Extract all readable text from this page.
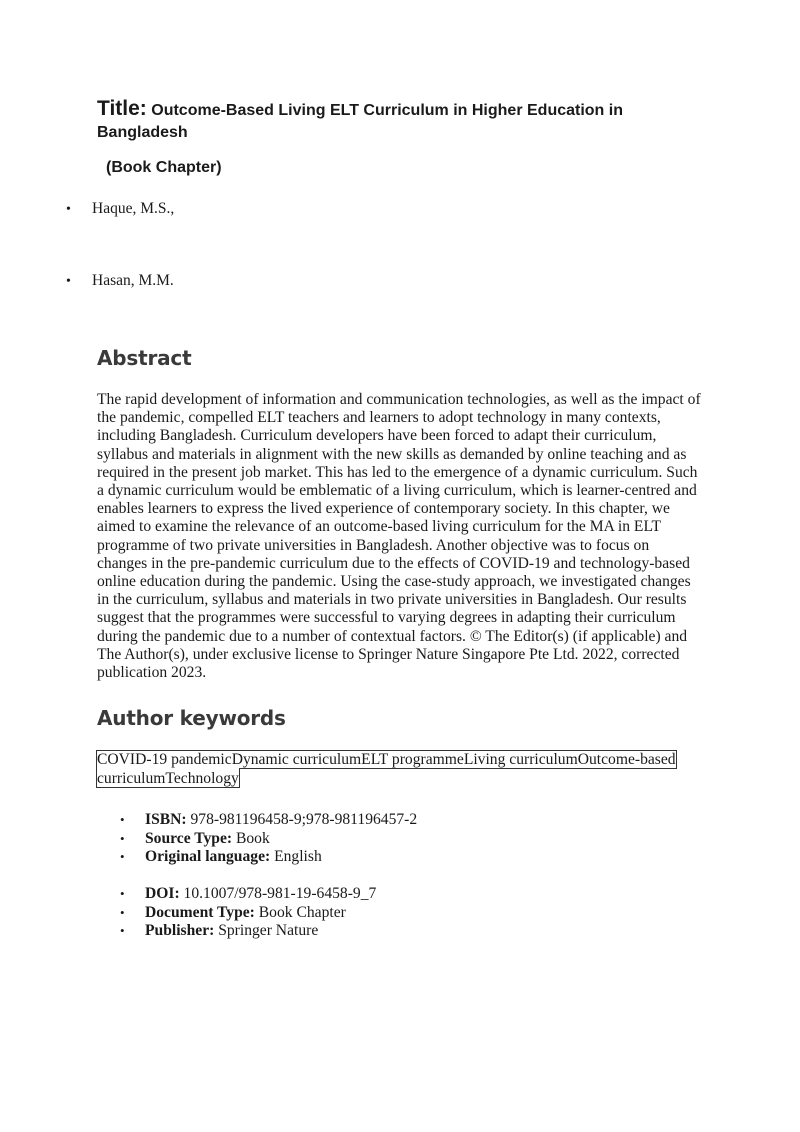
Title: Outcome-Based Living ELT Curriculum in Higher Education in
Bangladesh
(Book Chapter)
• Haque, M.S.,
• Hasan, M.M.
Abstract
The rapid development of information and communication technologies, as well as the impact of the pandemic, compelled ELT teachers and learners to adopt technology in many contexts, including Bangladesh. Curriculum developers have been forced to adapt their curriculum, syllabus and materials in alignment with the new skills as demanded by online teaching and as required in the present job market. This has led to the emergence of a dynamic curriculum. Such a dynamic curriculum would be emblematic of a living curriculum, which is learner-centred and enables learners to express the lived experience of contemporary society. In this chapter, we aimed to examine the relevance of an outcome-based living curriculum for the MA in ELT programme of two private universities in Bangladesh. Another objective was to focus on changes in the pre-pandemic curriculum due to the effects of COVID-19 and technology-based online education during the pandemic. Using the case-study approach, we investigated changes in the curriculum, syllabus and materials in two private universities in Bangladesh. Our results suggest that the programmes were successful to varying degrees in adapting their curriculum during the pandemic due to a number of contextual factors. © The Editor(s) (if applicable) and The Author(s), under exclusive license to Springer Nature Singapore Pte Ltd. 2022, corrected publication 2023.
Author keywords
COVID-19 pandemicDynamic curriculumELT programmeLiving curriculumOutcome-based curriculumTechnology
• ISBN: 978-981196458-9;978-981196457-2
• Source Type: Book
• Original language: English
• DOI: 10.1007/978-981-19-6458-9_7
• Document Type: Book Chapter
• Publisher: Springer Nature
